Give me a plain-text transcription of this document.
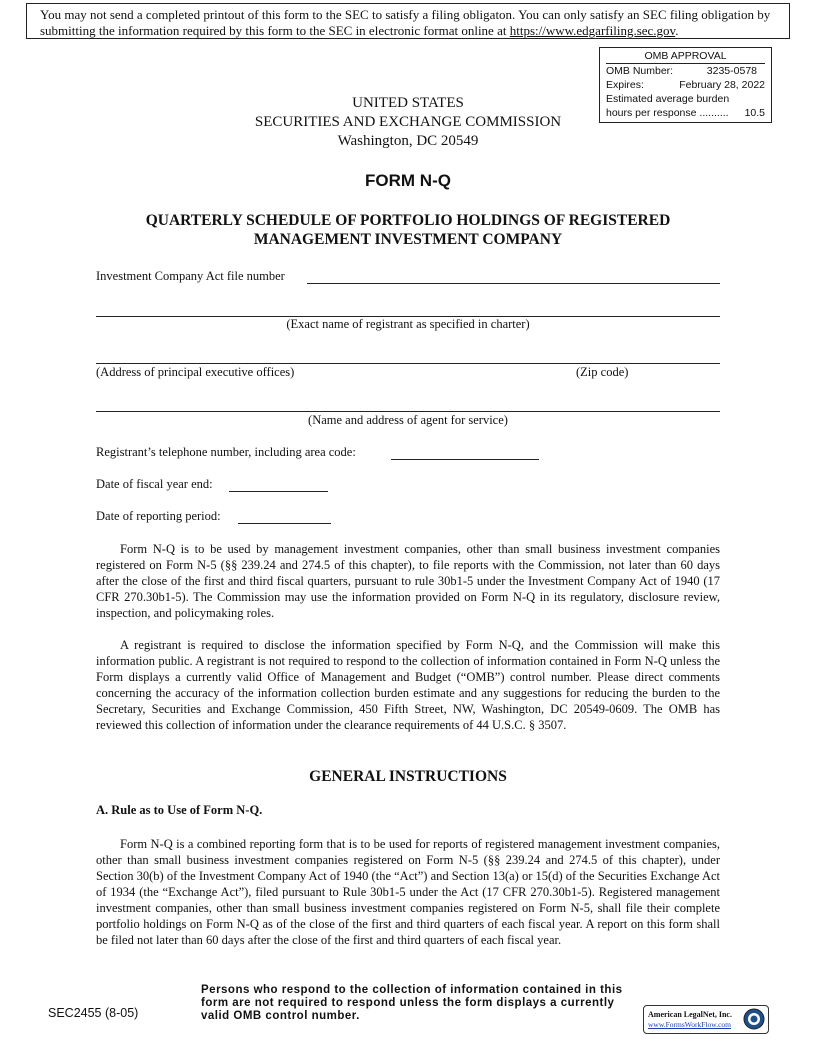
You may not send a completed printout of this form to the SEC to satisfy a filing obligaton. You can only satisfy an SEC filing obligation by submitting the information required by this form to the SEC in electronic format online at https://www.edgarfiling.sec.gov.
OMB APPROVAL
OMB Number:	3235-0578
Expires:	February 28, 2022
Estimated average burden
hours per response .......... 10.5
UNITED STATES
SECURITIES AND EXCHANGE COMMISSION
Washington, DC 20549
FORM N-Q
QUARTERLY SCHEDULE OF PORTFOLIO HOLDINGS OF REGISTERED
MANAGEMENT INVESTMENT COMPANY
Investment Company Act file number
(Exact name of registrant as specified in charter)
(Address of principal executive offices)	(Zip code)
(Name and address of agent for service)
Registrant’s telephone number, including area code:
Date of fiscal year end:
Date of reporting period:

Form N-Q is to be used by management investment companies, other than small business investment companies registered on Form N-5 (§§ 239.24 and 274.5 of this chapter), to file reports with the Commission, not later than 60 days after the close of the first and third fiscal quarters, pursuant to rule 30b1-5 under the Investment Company Act of 1940 (17 CFR 270.30b1-5). The Commission may use the information provided on Form N-Q in its regulatory, disclosure review, inspection, and policymaking roles.

A registrant is required to disclose the information specified by Form N-Q, and the Commission will make this information public. A registrant is not required to respond to the collection of information contained in Form N-Q unless the Form displays a currently valid Office of Management and Budget (“OMB”) control number. Please direct comments concerning the accuracy of the information collection burden estimate and any suggestions for reducing the burden to the Secretary, Securities and Exchange Commission, 450 Fifth Street, NW, Washington, DC 20549-0609. The OMB has reviewed this collection of information under the clearance requirements of 44 U.S.C. § 3507.

GENERAL INSTRUCTIONS
A. Rule as to Use of Form N-Q.

Form N-Q is a combined reporting form that is to be used for reports of registered management investment companies, other than small business investment companies registered on Form N-5 (§§ 239.24 and 274.5 of this chapter), under Section 30(b) of the Investment Company Act of 1940 (the “Act”) and Section 13(a) or 15(d) of the Securities Exchange Act of 1934 (the “Exchange Act”), filed pursuant to Rule 30b1-5 under the Act (17 CFR 270.30b1-5). Registered management investment companies, other than small business investment companies registered on Form N-5, shall file their complete portfolio holdings on Form N-Q as of the close of the first and third quarters of each fiscal year. A report on this form shall be filed not later than 60 days after the close of the first and third quarters of each fiscal year.

SEC2455 (8-05)
Persons who respond to the collection of information contained in this form are not required to respond unless the form displays a currently valid OMB control number.	American LegalNet, Inc.
www.FormsWorkFlow.com
